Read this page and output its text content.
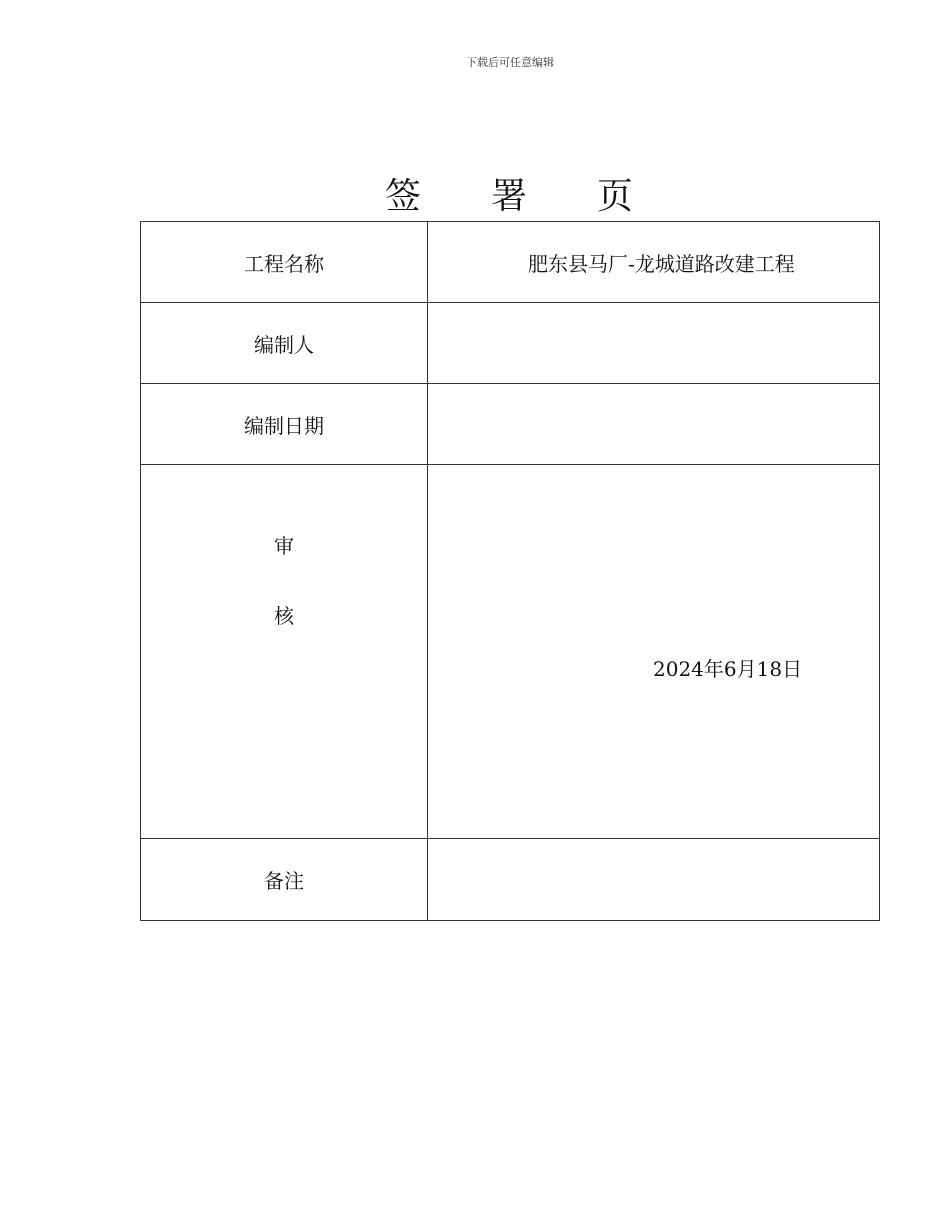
下载后可任意编辑
签 署 页
工程名称	肥东县马厂-龙城道路改建工程

编制人	
编制日期	

审
核	2024年6月18日

备注	
